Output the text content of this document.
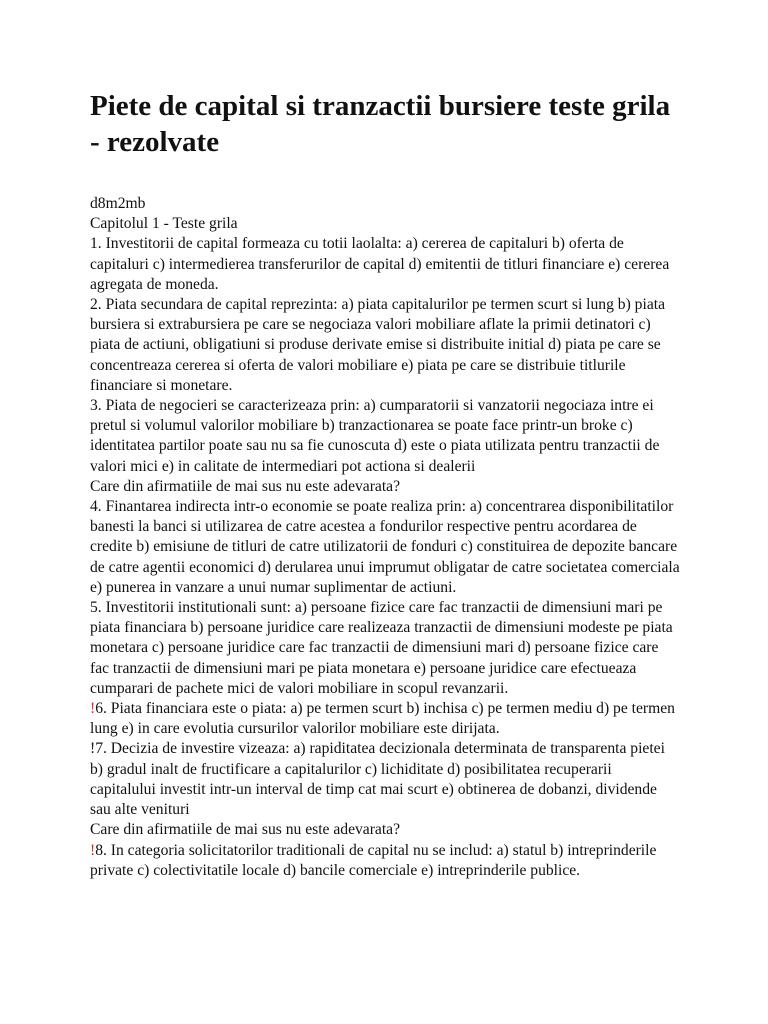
Piete de capital si tranzactii bursiere teste grila - rezolvate
d8m2mb
Capitolul 1 - Teste grila
1. Investitorii de capital formeaza cu totii laolalta: a) cererea de capitaluri b) oferta de capitaluri c) intermedierea transferurilor de capital d) emitentii de titluri financiare e) cererea agregata de moneda.
2. Piata secundara de capital reprezinta: a) piata capitalurilor pe termen scurt si lung b) piata bursiera si extrabursiera pe care se negociaza valori mobiliare aflate la primii detinatori c) piata de actiuni, obligatiuni si produse derivate emise si distribuite initial d) piata pe care se concentreaza cererea si oferta de valori mobiliare e) piata pe care se distribuie titlurile financiare si monetare.
3. Piata de negocieri se caracterizeaza prin: a) cumparatorii si vanzatorii negociaza intre ei pretul si volumul valorilor mobiliare b) tranzactionarea se poate face printr-un broke c) identitatea partilor poate sau nu sa fie cunoscuta d) este o piata utilizata pentru tranzactii de valori mici e) in calitate de intermediari pot actiona si dealerii
Care din afirmatiile de mai sus nu este adevarata?
4. Finantarea indirecta intr-o economie se poate realiza prin: a) concentrarea disponibilitatilor banesti la banci si utilizarea de catre acestea a fondurilor respective pentru acordarea de credite b) emisiune de titluri de catre utilizatorii de fonduri c) constituirea de depozite bancare de catre agentii economici d) derularea unui imprumut obligatar de catre societatea comerciala e) punerea in vanzare a unui numar suplimentar de actiuni.
5. Investitorii institutionali sunt: a) persoane fizice care fac tranzactii de dimensiuni mari pe piata financiara b) persoane juridice care realizeaza tranzactii de dimensiuni modeste pe piata monetara c) persoane juridice care fac tranzactii de dimensiuni mari d) persoane fizice care fac tranzactii de dimensiuni mari pe piata monetara e) persoane juridice care efectueaza cumparari de pachete mici de valori mobiliare in scopul revanzarii.
!6. Piata financiara este o piata: a) pe termen scurt b) inchisa c) pe termen mediu d) pe termen lung e) in care evolutia cursurilor valorilor mobiliare este dirijata.
!7. Decizia de investire vizeaza: a) rapiditatea decizionala determinata de transparenta pietei b) gradul inalt de fructificare a capitalurilor c) lichiditate d) posibilitatea recuperarii capitalului investit intr-un interval de timp cat mai scurt e) obtinerea de dobanzi, dividende sau alte venituri
Care din afirmatiile de mai sus nu este adevarata?
!8. In categoria solicitatorilor traditionali de capital nu se includ: a) statul b) intreprinderile private c) colectivitatile locale d) bancile comerciale e) intreprinderile publice.
